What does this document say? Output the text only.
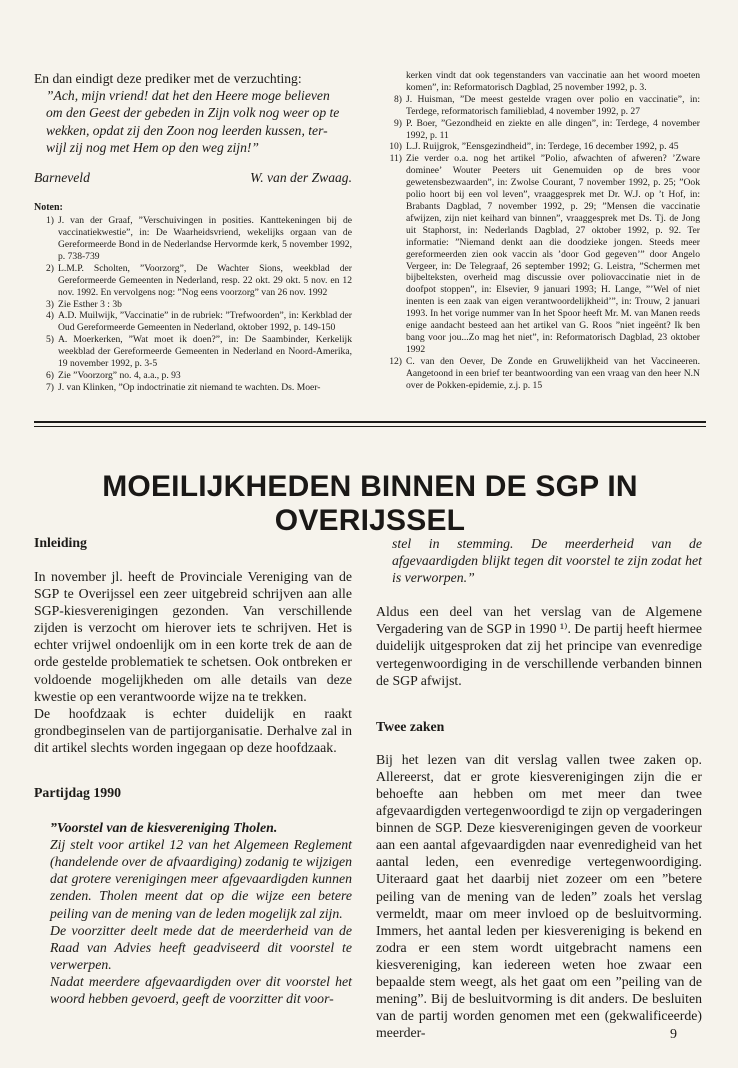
En dan eindigt deze prediker met de verzuchting:

”Ach, mijn vriend! dat het den Heere moge believen

om den Geest der gebeden in Zijn volk nog weer op te

wekken, opdat zij den Zoon nog leerden kussen, ter-

wijl zij nog met Hem op den weg zijn!”

Barneveld	W. van der Zwaag.
Noten:
1) J. van der Graaf, ”Verschuivingen in posities. Kanttekeningen bij de vaccinatiekwestie”, in: De Waarheidsvriend, wekelijks orgaan van de Gereformeerde Bond in de Nederlandse Hervormde kerk, 5 november 1992, p. 738-739
2) L.M.P. Scholten, ”Voorzorg”, De Wachter Sions, weekblad der Gereformeerde Gemeenten in Nederland, resp. 22 okt. 29 okt. 5 nov. en 12 nov. 1992. En vervolgens nog: ”Nog eens voorzorg” van 26 nov. 1992
3) Zie Esther 3 : 3b
4) A.D. Muilwijk, ”Vaccinatie” in de rubriek: ”Trefwoorden”, in: Kerkblad der Oud Gereformeerde Gemeenten in Nederland, oktober 1992, p. 149-150
5) A. Moerkerken, ”Wat moet ik doen?”, in: De Saambinder, Kerkelijk weekblad der Gereformeerde Gemeenten in Nederland en Noord-Amerika, 19 november 1992, p. 3-5
6) Zie ”Voorzorg” no. 4, a.a., p. 93
7) J. van Klinken, ”Op indoctrinatie zit niemand te wachten. Ds. Moer-
kerken vindt dat ook tegenstanders van vaccinatie aan het woord moeten komen”, in: Reformatorisch Dagblad, 25 november 1992, p. 3.
8) J. Huisman, ”De meest gestelde vragen over polio en vaccinatie”, in: Terdege, reformatorisch familieblad, 4 november 1992, p. 27
9) P. Boer, ”Gezondheid en ziekte en alle dingen”, in: Terdege, 4 november 1992, p. 11
10) L.J. Ruijgrok, ”Eensgezindheid”, in: Terdege, 16 december 1992, p. 45
11) Zie verder o.a. nog het artikel ”Polio, afwachten of afweren? ’Zware dominee’ Wouter Peeters uit Genemuiden op de bres voor gewetensbezwaarden”, in: Zwolse Courant, 7 november 1992, p. 25; ”Ook polio hoort bij een vol leven”, vraaggesprek met Dr. W.J. op ’t Hof, in: Brabants Dagblad, 7 november 1992, p. 29; ”Mensen die vaccinatie afwijzen, zijn niet keihard van binnen”, vraaggesprek met Ds. Tj. de Jong uit Staphorst, in: Nederlands Dagblad, 27 oktober 1992, p. 92. Ter informatie: ”Niemand denkt aan die doodzieke jongen. Steeds meer gereformeerden zien ook vaccin als ’door God gegeven’” door Angelo Vergeer, in: De Telegraaf, 26 september 1992; G. Leistra, ”Schermen met bijbelteksten, overheid mag discussie over poliovaccinatie niet in de doofpot stoppen”, in: Elsevier, 9 januari 1993; H. Lange, ”’Wel of niet inenten is een zaak van eigen verantwoordelijkheid’”, in: Trouw, 2 januari 1993. In het vorige nummer van In het Spoor heeft Mr. M. van Manen reeds enige aandacht besteed aan het artikel van G. Roos ”niet ingeënt? Ik ben bang voor jou...Zo mag het niet”, in: Reformatorisch Dagblad, 23 oktober 1992
12) C. van den Oever, De Zonde en Gruwelijkheid van het Vaccineeren. Aangetoond in een brief ter beantwoording van een vraag van den heer N.N over de Pokken-epidemie, z.j. p. 15
MOEILIJKHEDEN BINNEN DE SGP IN OVERIJSSEL

Inleiding

In november jl. heeft de Provinciale Vereniging van de SGP te Overijssel een zeer uitgebreid schrijven aan alle SGP-kiesverenigingen gezonden. Van verschillende zijden is verzocht om hierover iets te schrijven. Het is echter vrijwel ondoenlijk om in een korte trek de aan de orde gestelde problematiek te schetsen. Ook ontbreken er voldoende mogelijkheden om alle details van deze kwestie op een verantwoorde wijze na te trekken.

De hoofdzaak is echter duidelijk en raakt grondbeginselen van de partijorganisatie. Derhalve zal in dit artikel slechts worden ingegaan op deze hoofdzaak.

Partijdag 1990

”Voorstel van de kiesvereniging Tholen.

Zij stelt voor artikel 12 van het Algemeen Reglement (handelende over de afvaardiging) zodanig te wijzigen dat grotere verenigingen meer afgevaardigden kunnen zenden. Tholen meent dat op die wijze een betere peiling van de mening van de leden mogelijk zal zijn.

De voorzitter deelt mede dat de meerderheid van de Raad van Advies heeft geadviseerd dit voorstel te verwerpen.

Nadat meerdere afgevaardigden over dit voorstel het woord hebben gevoerd, geeft de voorzitter dit voor-

stel in stemming. De meerderheid van de afgevaardigden blijkt tegen dit voorstel te zijn zodat het is verworpen.”

Aldus een deel van het verslag van de Algemene Vergadering van de SGP in 1990 ¹⁾. De partij heeft hiermee duidelijk uitgesproken dat zij het principe van evenredige vertegenwoordiging in de verschillende verbanden binnen de SGP afwijst.

Twee zaken

Bij het lezen van dit verslag vallen twee zaken op. Allereerst, dat er grote kiesverenigingen zijn die er behoefte aan hebben om met meer dan twee afgevaardigden vertegenwoordigd te zijn op vergaderingen binnen de SGP. Deze kiesverenigingen geven de voorkeur aan een aantal afgevaardigden naar evenredigheid van het aantal leden, een evenredige vertegenwoordiging. Uiteraard gaat het daarbij niet zozeer om een ”betere peiling van de mening van de leden” zoals het verslag vermeldt, maar om meer invloed op de besluitvorming. Immers, het aantal leden per kiesvereniging is bekend en zodra er een stem wordt uitgebracht namens een kiesvereniging, kan iedereen weten hoe zwaar een bepaalde stem weegt, als het gaat om een ”peiling van de mening”. Bij de besluitvorming is dit anders. De besluiten van de partij worden genomen met een (gekwalificeerde) meerder-	9
